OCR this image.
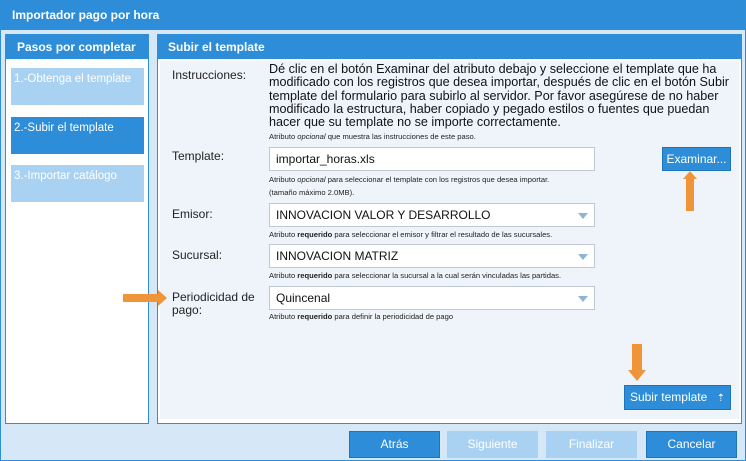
Importador pago por hora
Pasos por completar
1.-Obtenga el template
2.-Subir el template
3.-Importar catálogo
Subir el template
Instrucciones: Dé clic en el botón Examinar del atributo debajo y seleccione el template que ha modificado con los registros que desea importar, después de clic en el botón Subir template del formulario para subirlo al servidor. Por favor asegúrese de no haber modificado la estructura, haber copiado y pegado estilos o fuentes que puedan hacer que su template no se importe correctamente.
Atributo opcional que muestra las instrucciones de este paso.
Template:	importar_horas.xls	Examinar...
Atributo opcional para seleccionar el template con los registros que desea importar.
(tamaño máximo 2.0MB).
Emisor:	INNOVACION VALOR Y DESARROLLO
Atributo requerido para seleccionar el emisor y filtrar el resultado de las sucursales.
Sucursal:	INNOVACION MATRIZ
Atributo requerido para seleccionar la sucursal a la cual serán vinculadas las partidas.
Periodicidad de
pago:
Quincenal
Atributo requerido para definir la periodicidad de pago
Subir template ⇡
Atrás	Siguiente	Finalizar	Cancelar
